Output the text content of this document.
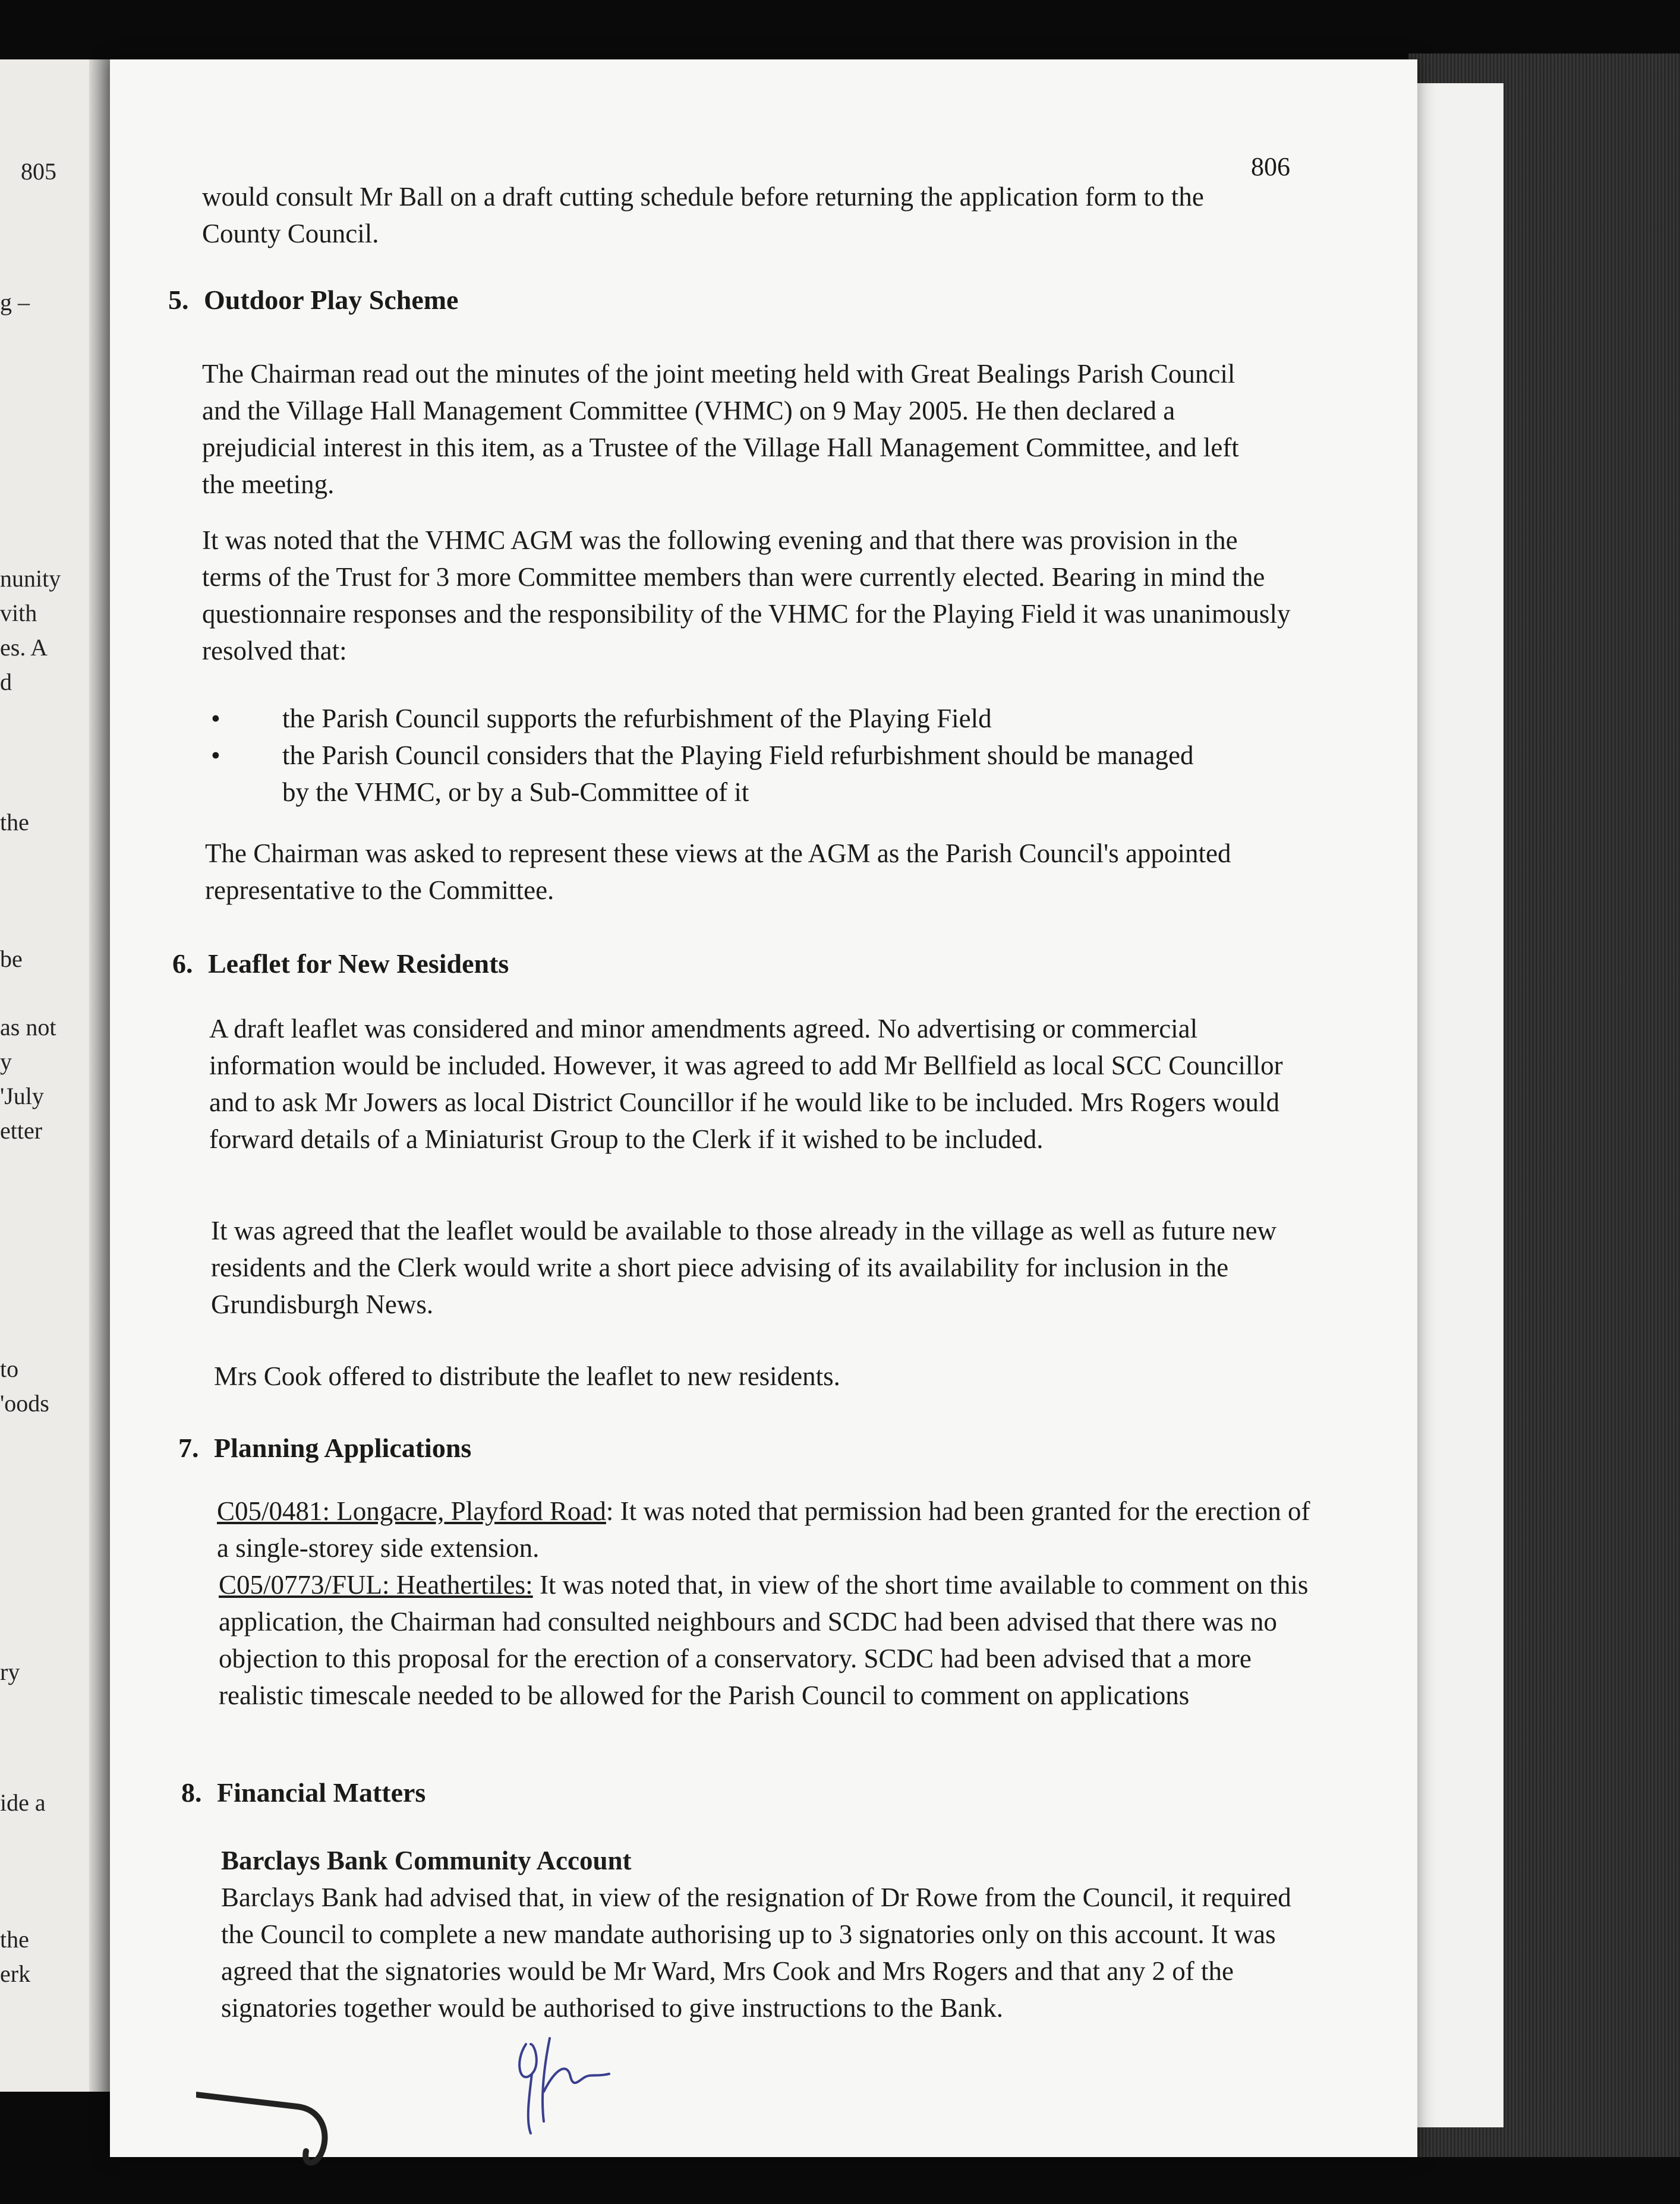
805
g –
nunity
vith
es. A
d
the
be
as not
y
'July
etter
to
'oods
ry
ide a
the
erk
806

would consult Mr Ball on a draft cutting schedule before returning the application form to the County Council.

5. Outdoor Play Scheme

The Chairman read out the minutes of the joint meeting held with Great Bealings Parish Council and the Village Hall Management Committee (VHMC) on 9 May 2005. He then declared a prejudicial interest in this item, as a Trustee of the Village Hall Management Committee, and left the meeting.

It was noted that the VHMC AGM was the following evening and that there was provision in the terms of the Trust for 3 more Committee members than were currently elected. Bearing in mind the questionnaire responses and the responsibility of the VHMC for the Playing Field it was unanimously resolved that:

• the Parish Council supports the refurbishment of the Playing Field
• the Parish Council considers that the Playing Field refurbishment should be managed by the VHMC, or by a Sub-Committee of it

The Chairman was asked to represent these views at the AGM as the Parish Council's appointed representative to the Committee.

6. Leaflet for New Residents

A draft leaflet was considered and minor amendments agreed. No advertising or commercial information would be included. However, it was agreed to add Mr Bellfield as local SCC Councillor and to ask Mr Jowers as local District Councillor if he would like to be included. Mrs Rogers would forward details of a Miniaturist Group to the Clerk if it wished to be included.

It was agreed that the leaflet would be available to those already in the village as well as future new residents and the Clerk would write a short piece advising of its availability for inclusion in the Grundisburgh News.

Mrs Cook offered to distribute the leaflet to new residents.

7. Planning Applications

C05/0481: Longacre, Playford Road: It was noted that permission had been granted for the erection of a single-storey side extension.

C05/0773/FUL: Heathertiles: It was noted that, in view of the short time available to comment on this application, the Chairman had consulted neighbours and SCDC had been advised that there was no objection to this proposal for the erection of a conservatory. SCDC had been advised that a more realistic timescale needed to be allowed for the Parish Council to comment on applications

8. Financial Matters

Barclays Bank Community Account

Barclays Bank had advised that, in view of the resignation of Dr Rowe from the Council, it required the Council to complete a new mandate authorising up to 3 signatories only on this account. It was agreed that the signatories would be Mr Ward, Mrs Cook and Mrs Rogers and that any 2 of the signatories together would be authorised to give instructions to the Bank.
